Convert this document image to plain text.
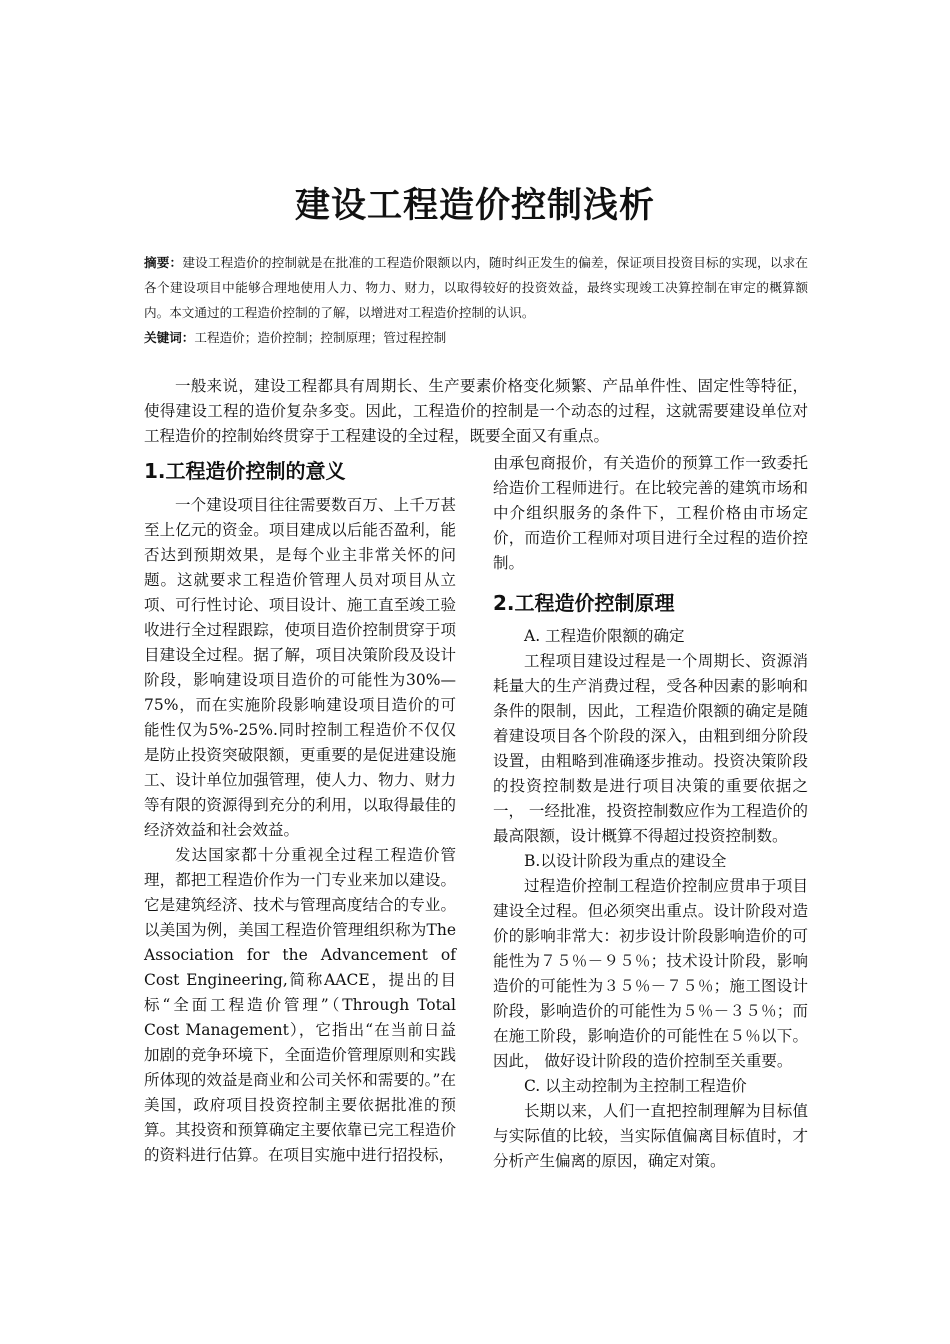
建设工程造价控制浅析
摘要：建设工程造价的控制就是在批准的工程造价限额以内，随时纠正发生的偏差，保证项目投资目标的实现，以求在各个建设项目中能够合理地使用人力、物力、财力，以取得较好的投资效益，最终实现竣工决算控制在审定的概算额内。本文通过的工程造价控制的了解，以增进对工程造价控制的认识。
关键词：工程造价；造价控制；控制原理；管过程控制

一般来说，建设工程都具有周期长、生产要素价格变化频繁、产品单件性、固定性等特征，使得建设工程的造价复杂多变。因此，工程造价的控制是一个动态的过程，这就需要建设单位对工程造价的控制始终贯穿于工程建设的全过程，既要全面又有重点。

1.工程造价控制的意义

一个建设项目往往需要数百万、上千万甚至上亿元的资金。项目建成以后能否盈利，能否达到预期效果，是每个业主非常关怀的问题。这就要求工程造价管理人员对项目从立项、可行性讨论、项目设计、施工直至竣工验收进行全过程跟踪，使项目造价控制贯穿于项目建设全过程。据了解，项目决策阶段及设计阶段，影响建设项目造价的可能性为30%—75%，而在实施阶段影响建设项目造价的可能性仅为5%-25%.同时控制工程造价不仅仅是防止投资突破限额，更重要的是促进建设施工、设计单位加强管理，使人力、物力、财力等有限的资源得到充分的利用，以取得最佳的经济效益和社会效益。

发达国家都十分重视全过程工程造价管理，都把工程造价作为一门专业来加以建设。它是建筑经济、技术与管理高度结合的专业。以美国为例，美国工程造价管理组织称为The Association for the Advancement of Cost Engineering,简称AACE，提出的目标“全面工程造价管理”（Through Total Cost Management），它指出“在当前日益加剧的竞争环境下，全面造价管理原则和实践所体现的效益是商业和公司关怀和需要的。”在美国，政府项目投资控制主要依据批准的预算。其投资和预算确定主要依靠已完工程造价的资料进行估算。在项目实施中进行招投标，

由承包商报价，有关造价的预算工作一致委托给造价工程师进行。在比较完善的建筑市场和中介组织服务的条件下，工程价格由市场定价，而造价工程师对项目进行全过程的造价控制。

2.工程造价控制原理

A. 工程造价限额的确定

工程项目建设过程是一个周期长、资源消耗量大的生产消费过程，受各种因素的影响和条件的限制，因此，工程造价限额的确定是随着建设项目各个阶段的深入，由粗到细分阶段设置，由粗略到准确逐步推动。投资决策阶段的投资控制数是进行项目决策的重要依据之一， 一经批准，投资控制数应作为工程造价的最高限额，设计概算不得超过投资控制数。

B.以设计阶段为重点的建设全

过程造价控制工程造价控制应贯串于项目建设全过程。但必须突出重点。设计阶段对造价的影响非常大：初步设计阶段影响造价的可能性为７５％－９５％；技术设计阶段，影响造价的可能性为３５％－７５％；施工图设计阶段，影响造价的可能性为５％－３５％；而在施工阶段，影响造价的可能性在５％以下。因此， 做好设计阶段的造价控制至关重要。

C. 以主动控制为主控制工程造价

长期以来，人们一直把控制理解为目标值与实际值的比较，当实际值偏离目标值时，才分析产生偏离的原因，确定对策。
